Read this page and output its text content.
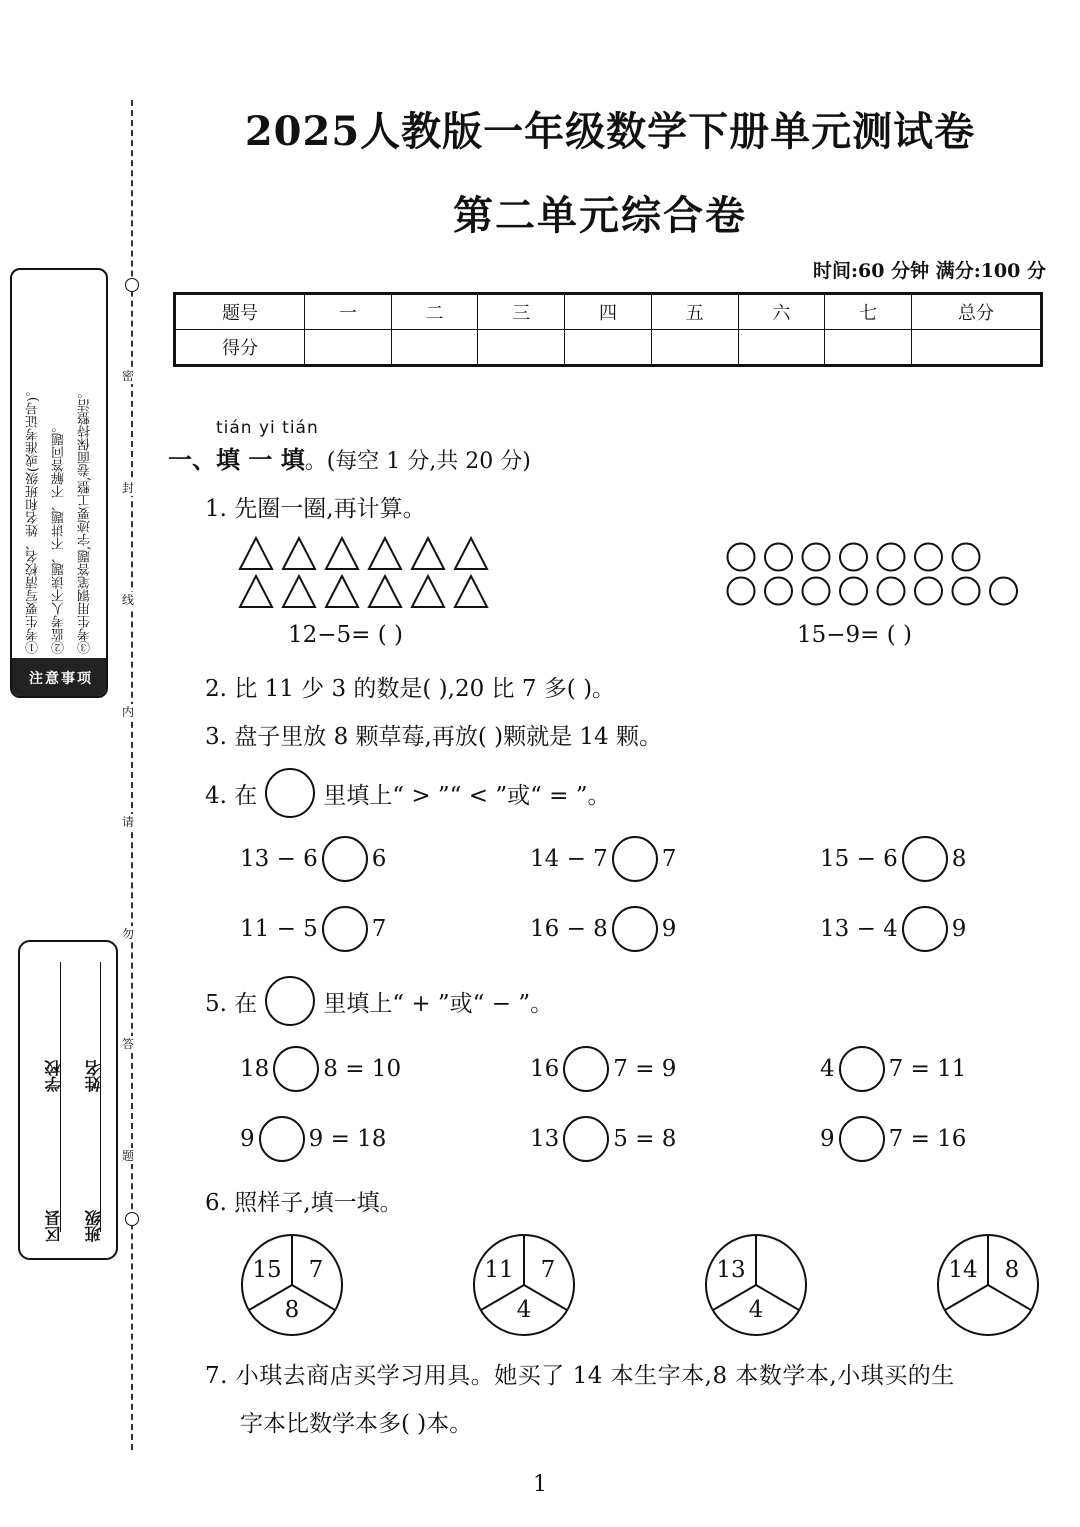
密
封
线
内
请
勿
答
题
①考生要写清校名、姓名和班级(或准考证号)。 ②监考人不读题、不讲题、不解答问题。 ③考生用钢笔答题,字迹要工整,卷面保持整洁。
注意事项
学校 姓名
区县 班级
2025人教版一年级数学下册单元测试卷
第二单元综合卷
时间:60 分钟 满分:100 分
题号	一	二	三	四	五	六	七	总分
得分								
tián yi tián
一、填 一 填。(每空 1 分,共 20 分)
1. 先圈一圈,再计算。
12−5= ( )	15−9= ( )
2. 比 11 少 3 的数是( ),20 比 7 多( )。
3. 盘子里放 8 颗草莓,再放( )颗就是 14 颗。
4. 在	里填上“ > ”“ < ”或“ = ”。
13 − 6 6	14 − 7 7	15 − 6 8
11 − 5 7	16 − 8 9	13 − 4 9
5. 在	里填上“ + ”或“ − ”。
18 8 = 10	16 7 = 9	4 7 = 11
9 9 = 18	13 5 = 8	9 7 = 16
6. 照样子,填一填。
15	7
8
11	7
4
13
4
14	8
7. 小琪去商店买学习用具。她买了 14 本生字本,8 本数学本,小琪买的生
字本比数学本多( )本。
1
